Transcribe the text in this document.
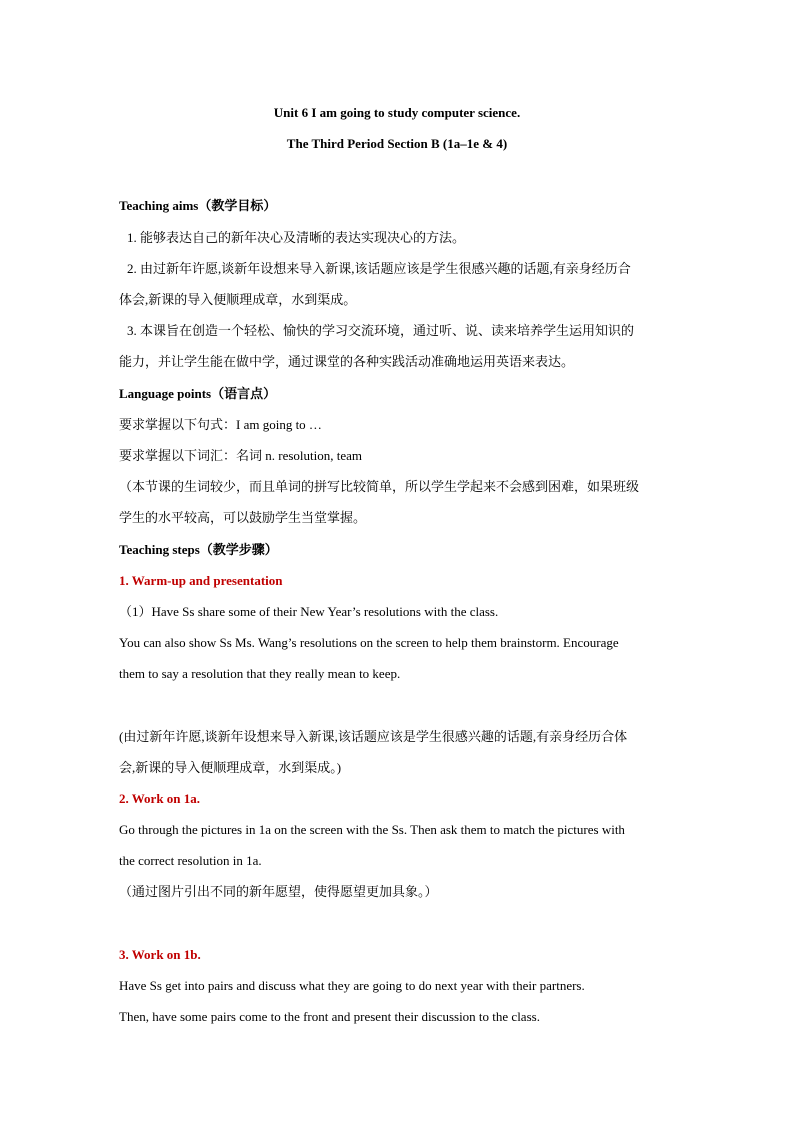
Unit 6 I am going to study computer science.
The Third Period Section B (1a–1e & 4)
Teaching aims（教学目标）
1. 能够表达自己的新年决心及清晰的表达实现决心的方法。
2. 由过新年许愿,谈新年设想来导入新课,该话题应该是学生很感兴趣的话题,有亲身经历合
体会,新课的导入便顺理成章，水到渠成。
3. 本课旨在创造一个轻松、愉快的学习交流环境，通过听、说、读来培养学生运用知识的
能力，并让学生能在做中学，通过课堂的各种实践活动准确地运用英语来表达。
Language points（语言点）
要求掌握以下句式：I am going to …
要求掌握以下词汇：名词 n. resolution, team
（本节课的生词较少，而且单词的拼写比较简单，所以学生学起来不会感到困难，如果班级
学生的水平较高，可以鼓励学生当堂掌握。
Teaching steps（教学步骤）
1. Warm-up and presentation
（1）Have Ss share some of their New Year’s resolutions with the class.
You can also show Ss Ms. Wang’s resolutions on the screen to help them brainstorm. Encourage
them to say a resolution that they really mean to keep.
(由过新年许愿,谈新年设想来导入新课,该话题应该是学生很感兴趣的话题,有亲身经历合体
会,新课的导入便顺理成章，水到渠成。)
2. Work on 1a.
Go through the pictures in 1a on the screen with the Ss. Then ask them to match the pictures with
the correct resolution in 1a.
（通过图片引出不同的新年愿望，使得愿望更加具象。）
3. Work on 1b.
Have Ss get into pairs and discuss what they are going to do next year with their partners.
Then, have some pairs come to the front and present their discussion to the class.
